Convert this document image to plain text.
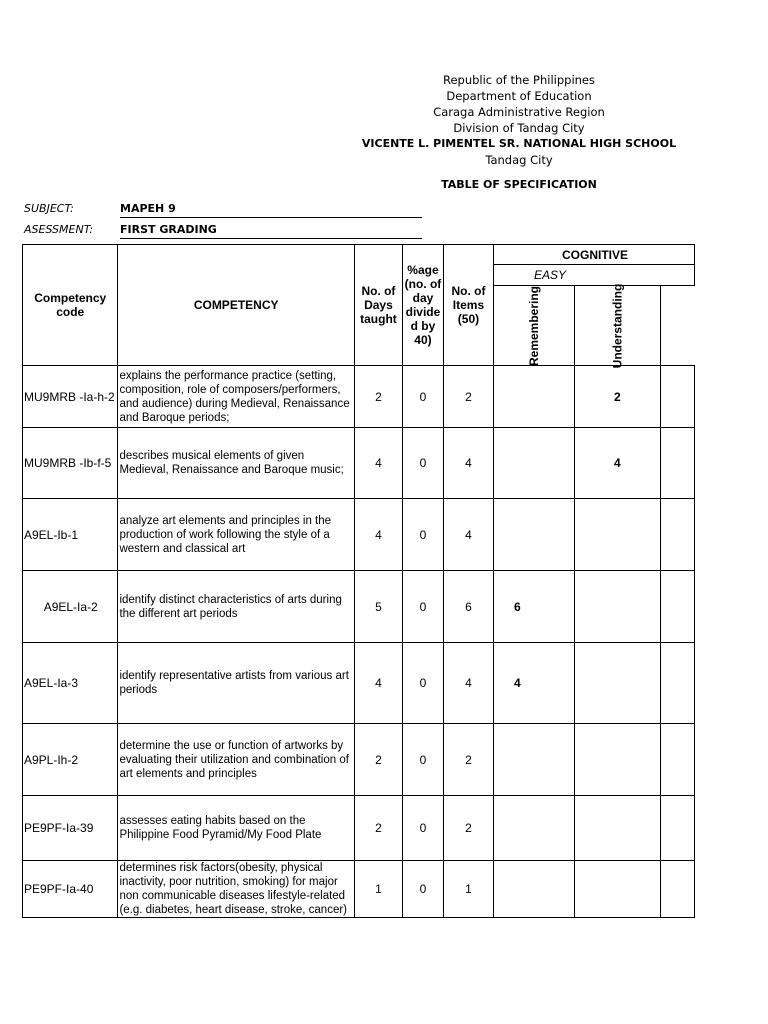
Republic of the Philippines
Department of Education
Caraga Administrative Region
Division of Tandag City
VICENTE L. PIMENTEL SR. NATIONAL HIGH SCHOOL
Tandag City
TABLE OF SPECIFICATION
SUBJECT:	MAPEH 9
ASESSMENT: FIRST GRADING
Competency code	COMPETENCY	No. of Days taught	%age (no. of day divide d by 40)	No. of Items (50)	COGNITIVE		
					EASY		
					Remembering	Understanding	
MU9MRB -Ia-h-2	explains the performance practice (setting, composition, role of composers/performers, and audience) during Medieval, Renaissance and Baroque periods;	2	0	2		2	
MU9MRB -Ib-f-5	describes musical elements of given Medieval, Renaissance and Baroque music;	4	0	4		4	
A9EL-Ib-1	analyze art elements and principles in the production of work following the style of a western and classical art	4	0	4			
A9EL-Ia-2	identify distinct characteristics of arts during the different art periods	5	0	6	6		
A9EL-Ia-3	identify representative artists from various art periods	4	0	4	4		
A9PL-Ih-2	determine the use or function of artworks by evaluating their utilization and combination of art elements and principles	2	0	2			
PE9PF-Ia-39	assesses eating habits based on the Philippine Food Pyramid/My Food Plate	2	0	2			
PE9PF-Ia-40	determines risk factors(obesity, physical inactivity, poor nutrition, smoking) for major non communicable diseases lifestyle-related (e.g. diabetes, heart disease, stroke, cancer)	1	0	1			
